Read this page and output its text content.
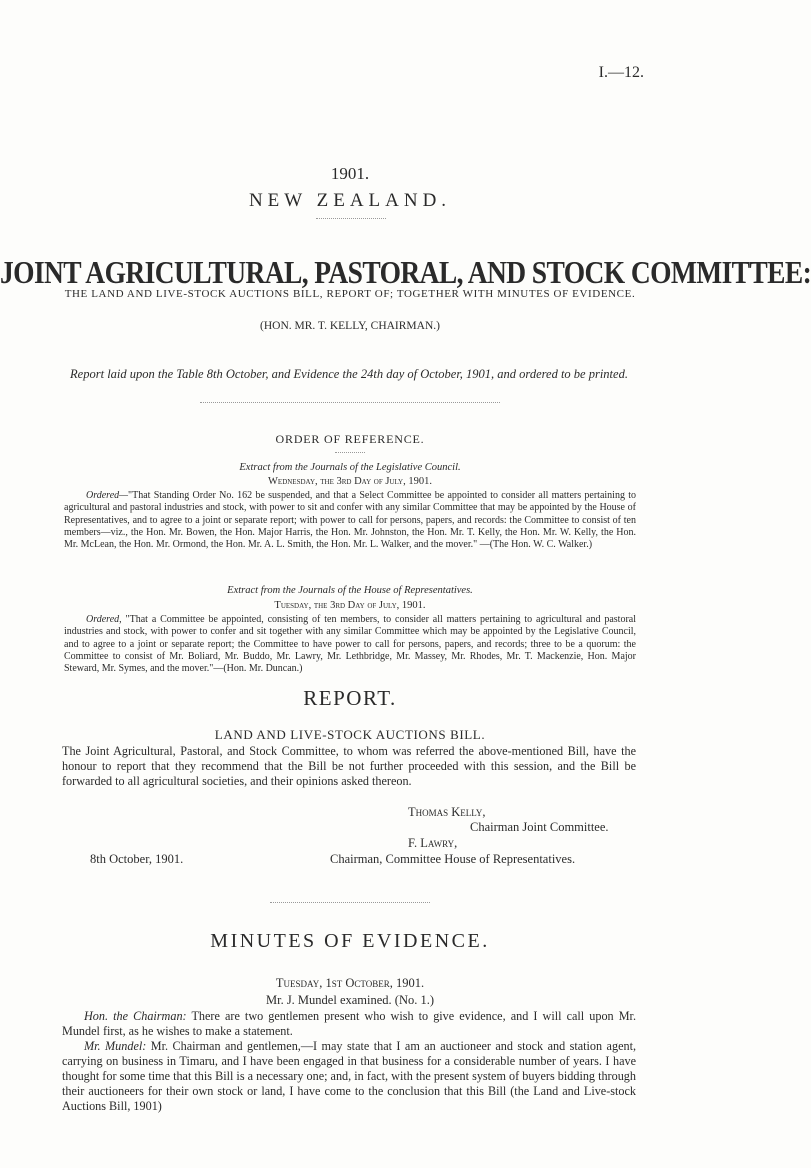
I.—12.
1901.
NEW ZEALAND.
JOINT AGRICULTURAL, PASTORAL, AND STOCK COMMITTEE:
THE LAND AND LIVE-STOCK AUCTIONS BILL, REPORT OF; TOGETHER WITH MINUTES OF EVIDENCE.
(HON. MR. T. KELLY, CHAIRMAN.)
Report laid upon the Table 8th October, and Evidence the 24th day of October, 1901, and ordered to be printed.
ORDER OF REFERENCE.
Extract from the Journals of the Legislative Council.
Wednesday, the 3rd Day of July, 1901.
Ordered—"That Standing Order No. 162 be suspended, and that a Select Committee be appointed to consider all matters pertaining to agricultural and pastoral industries and stock, with power to sit and confer with any similar Committee that may be appointed by the House of Representatives, and to agree to a joint or separate report; with power to call for persons, papers, and records: the Committee to consist of ten members—viz., the Hon. Mr. Bowen, the Hon. Major Harris, the Hon. Mr. Johnston, the Hon. Mr. T. Kelly, the Hon. Mr. W. Kelly, the Hon. Mr. McLean, the Hon. Mr. Ormond, the Hon. Mr. A. L. Smith, the Hon. Mr. L. Walker, and the mover." —(The Hon. W. C. Walker.)
Extract from the Journals of the House of Representatives.
Tuesday, the 3rd Day of July, 1901.
Ordered, "That a Committee be appointed, consisting of ten members, to consider all matters pertaining to agricultural and pastoral industries and stock, with power to confer and sit together with any similar Committee which may be appointed by the Legislative Council, and to agree to a joint or separate report; the Committee to have power to call for persons, papers, and records; three to be a quorum: the Committee to consist of Mr. Boliard, Mr. Buddo, Mr. Lawry, Mr. Lethbridge, Mr. Massey, Mr. Rhodes, Mr. T. Mackenzie, Hon. Major Steward, Mr. Symes, and the mover."—(Hon. Mr. Duncan.)
REPORT.
LAND AND LIVE-STOCK AUCTIONS BILL.
The Joint Agricultural, Pastoral, and Stock Committee, to whom was referred the above-mentioned Bill, have the honour to report that they recommend that the Bill be not further proceeded with this session, and the Bill be forwarded to all agricultural societies, and their opinions asked thereon.
Thomas Kelly,
Chairman Joint Committee.
F. Lawry,
8th October, 1901.	Chairman, Committee House of Representatives.
MINUTES OF EVIDENCE.
Tuesday, 1st October, 1901.
Mr. J. Mundel examined. (No. 1.)
Hon. the Chairman: There are two gentlemen present who wish to give evidence, and I will call upon Mr. Mundel first, as he wishes to make a statement.
Mr. Mundel: Mr. Chairman and gentlemen,—I may state that I am an auctioneer and stock and station agent, carrying on business in Timaru, and I have been engaged in that business for a considerable number of years. I have thought for some time that this Bill is a necessary one; and, in fact, with the present system of buyers bidding through their auctioneers for their own stock or land, I have come to the conclusion that this Bill (the Land and Live-stock Auctions Bill, 1901)
